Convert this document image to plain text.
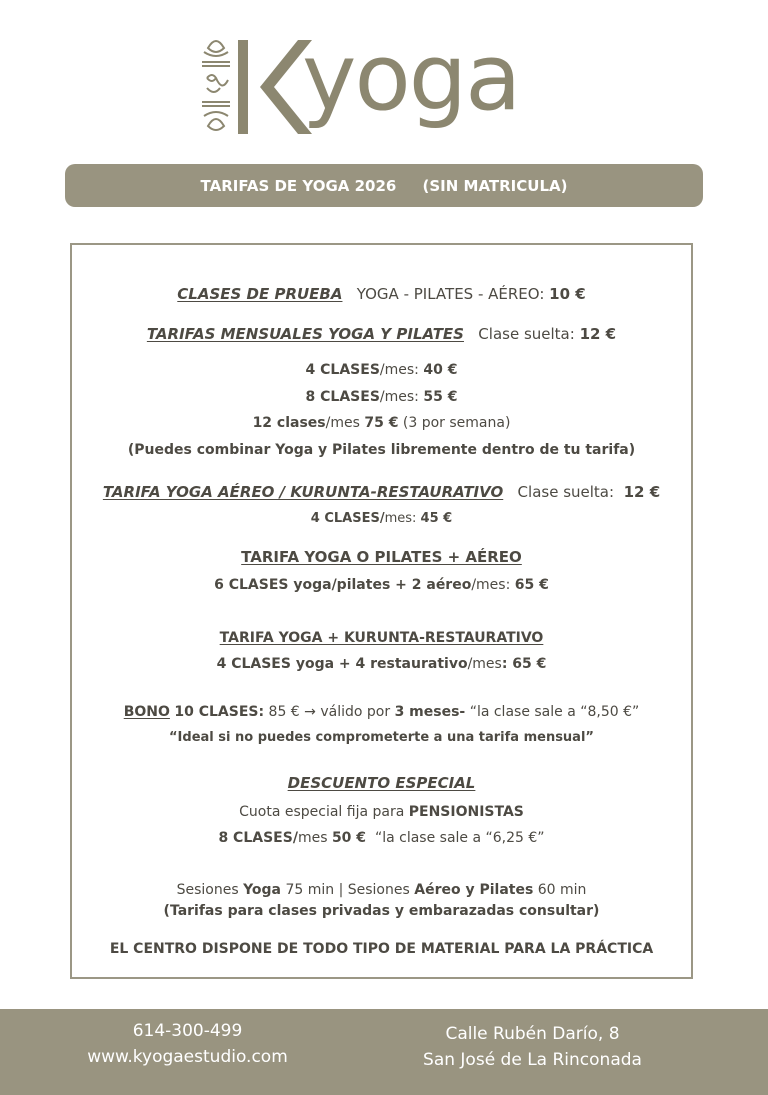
yoga
TARIFAS DE YOGA 2026
(SIN MATRICULA)
CLASES DE PRUEBA YOGA - PILATES - AÉREO: 10 €
TARIFAS MENSUALES YOGA Y PILATES Clase suelta: 12 €
4 CLASES/mes: 40 €
8 CLASES/mes: 55 €
12 clases/mes 75 € (3 por semana)
(Puedes combinar Yoga y Pilates libremente dentro de tu tarifa)
TARIFA YOGA AÉREO / KURUNTA-RESTAURATIVO Clase suelta: 12 €
4 CLASES/mes: 45 €
TARIFA YOGA O PILATES + AÉREO
6 CLASES yoga/pilates + 2 aéreo/mes: 65 €
TARIFA YOGA + KURUNTA-RESTAURATIVO
4 CLASES yoga + 4 restaurativo/mes: 65 €
BONO 10 CLASES: 85 € → válido por 3 meses- “la clase sale a “8,50 €”
“Ideal si no puedes comprometerte a una tarifa mensual”
DESCUENTO ESPECIAL
Cuota especial fija para PENSIONISTAS
8 CLASES/mes 50 € “la clase sale a “6,25 €”
Sesiones Yoga 75 min | Sesiones Aéreo y Pilates 60 min
(Tarifas para clases privadas y embarazadas consultar)
EL CENTRO DISPONE DE TODO TIPO DE MATERIAL PARA LA PRÁCTICA
614-300-499
www.kyogaestudio.com
Calle Rubén Darío, 8
San José de La Rinconada
